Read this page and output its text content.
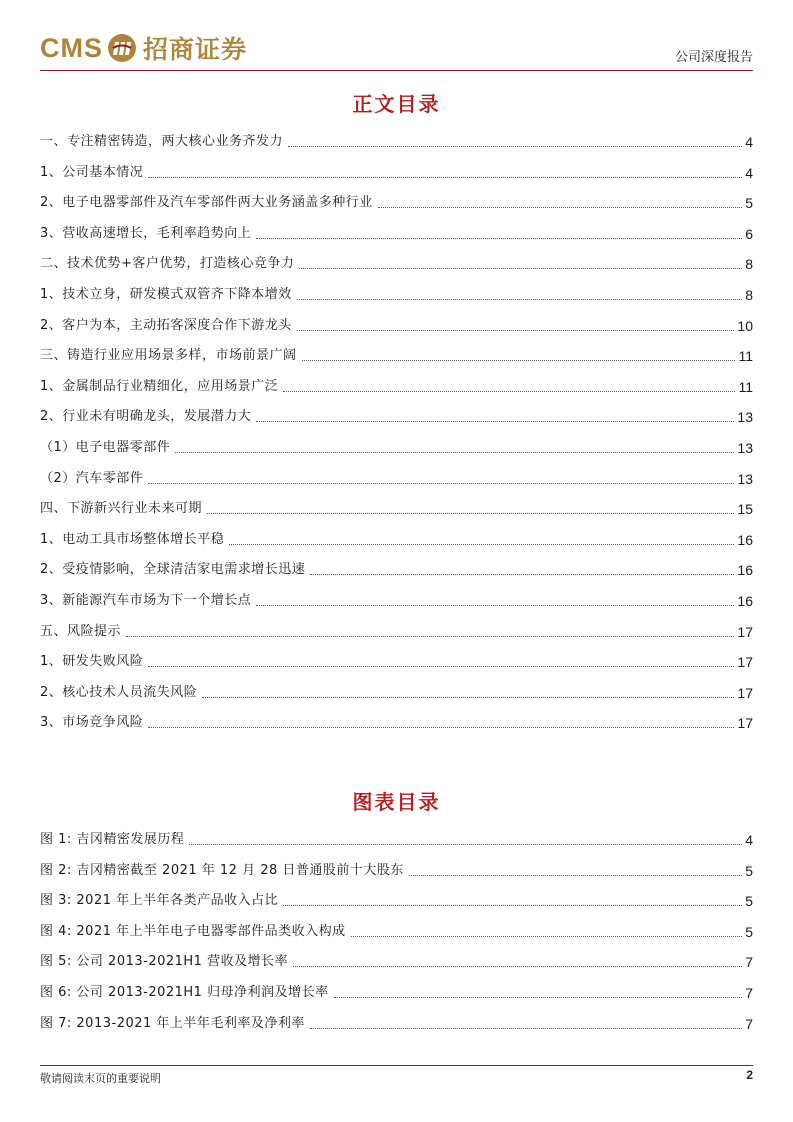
CMS 招商证券	公司深度报告
正文目录
一、专注精密铸造，两大核心业务齐发力	4
1、公司基本情况	4
2、电子电器零部件及汽车零部件两大业务涵盖多种行业	5
3、营收高速增长，毛利率趋势向上	6
二、技术优势+客户优势，打造核心竞争力	8
1、技术立身，研发模式双管齐下降本增效	8
2、客户为本，主动拓客深度合作下游龙头	10
三、铸造行业应用场景多样，市场前景广阔	11
1、金属制品行业精细化，应用场景广泛	11
2、行业未有明确龙头，发展潜力大	13
（1）电子电器零部件	13
（2）汽车零部件	13
四、下游新兴行业未来可期	15
1、电动工具市场整体增长平稳	16
2、受疫情影响，全球清洁家电需求增长迅速	16
3、新能源汽车市场为下一个增长点	16
五、风险提示	17
1、研发失败风险	17
2、核心技术人员流失风险	17
3、市场竞争风险	17
图表目录
图 1: 吉冈精密发展历程	4
图 2: 吉冈精密截至 2021 年 12 月 28 日普通股前十大股东	5
图 3: 2021 年上半年各类产品收入占比	5
图 4: 2021 年上半年电子电器零部件品类收入构成	5
图 5: 公司 2013-2021H1 营收及增长率	7
图 6: 公司 2013-2021H1 归母净利润及增长率	7
图 7: 2013-2021 年上半年毛利率及净利率	7
敬请阅读末页的重要说明	2
